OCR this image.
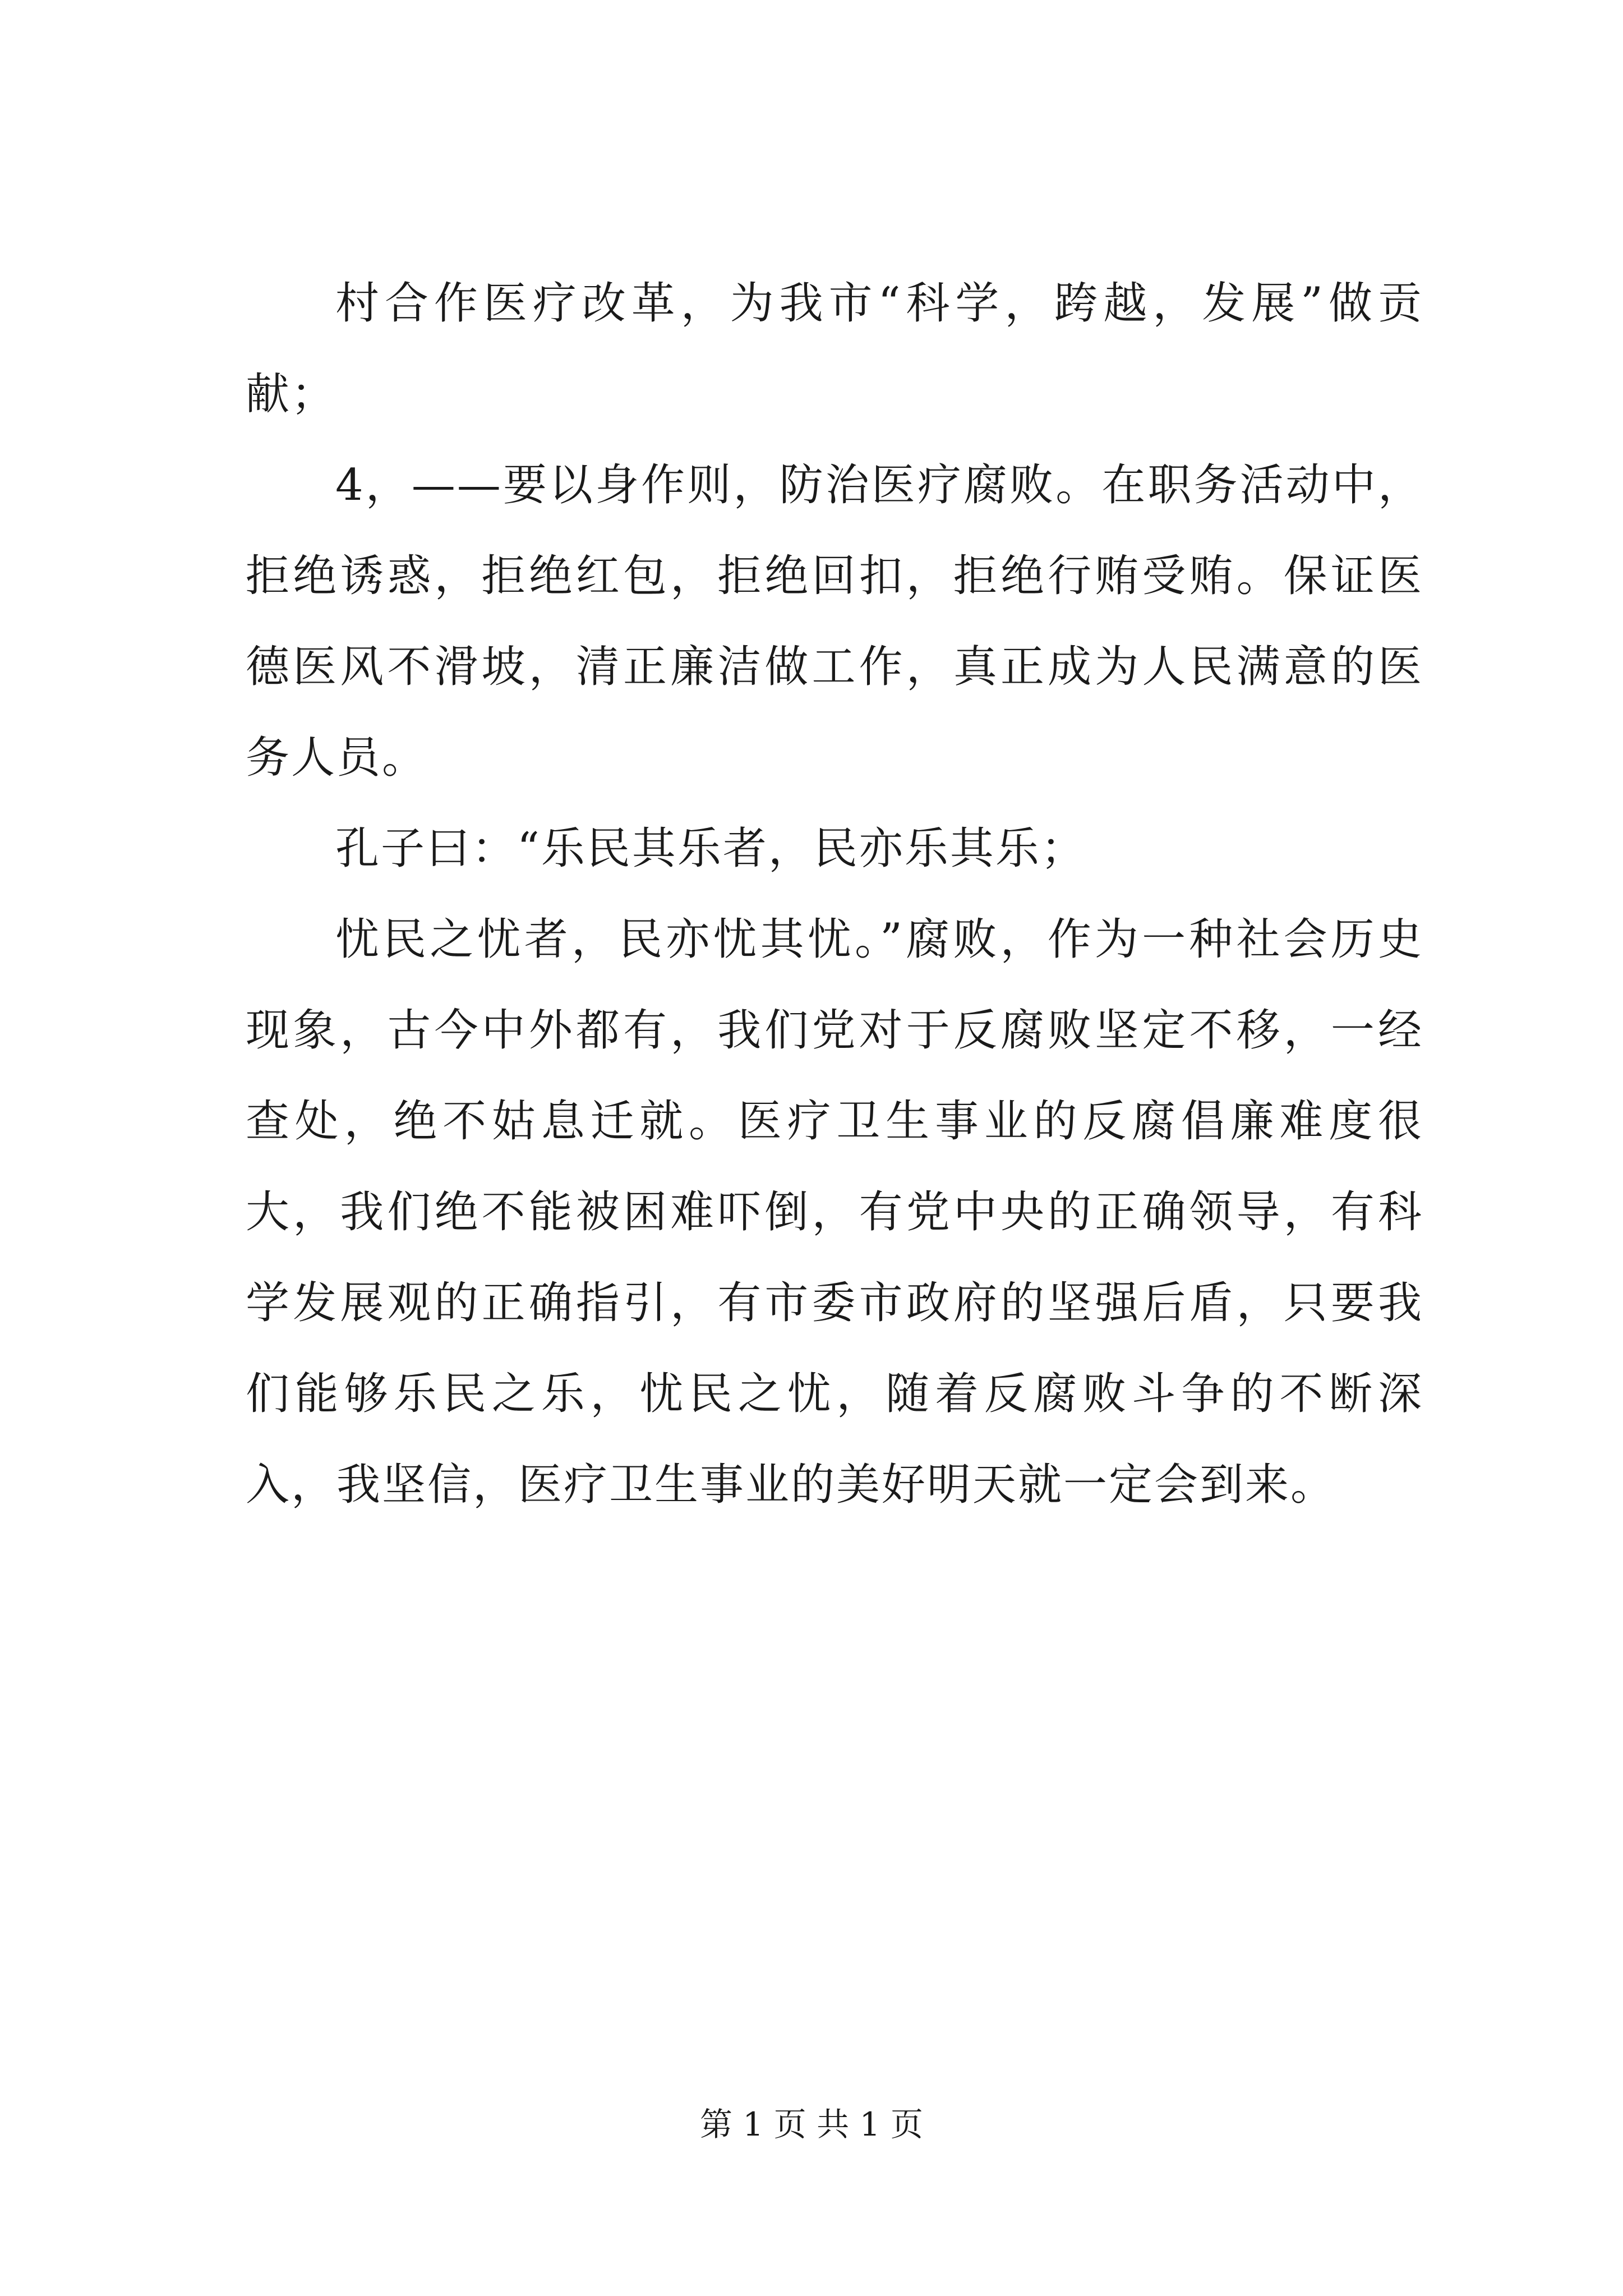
村合作医疗改革，为我市“科学，跨越，发展”做贡献；

4，——要以身作则，防治医疗腐败。在职务活动中，拒绝诱惑，拒绝红包，拒绝回扣，拒绝行贿受贿。保证医德医风不滑坡，清正廉洁做工作，真正成为人民满意的医务人员。

孔子曰：“乐民其乐者，民亦乐其乐；

忧民之忧者，民亦忧其忧。”腐败，作为一种社会历史现象，古今中外都有，我们党对于反腐败坚定不移，一经查处，绝不姑息迁就。医疗卫生事业的反腐倡廉难度很大，我们绝不能被困难吓倒，有党中央的正确领导，有科学发展观的正确指引，有市委市政府的坚强后盾，只要我们能够乐民之乐，忧民之忧，随着反腐败斗争的不断深入，我坚信，医疗卫生事业的美好明天就一定会到来。

第 1 页 共 1 页
